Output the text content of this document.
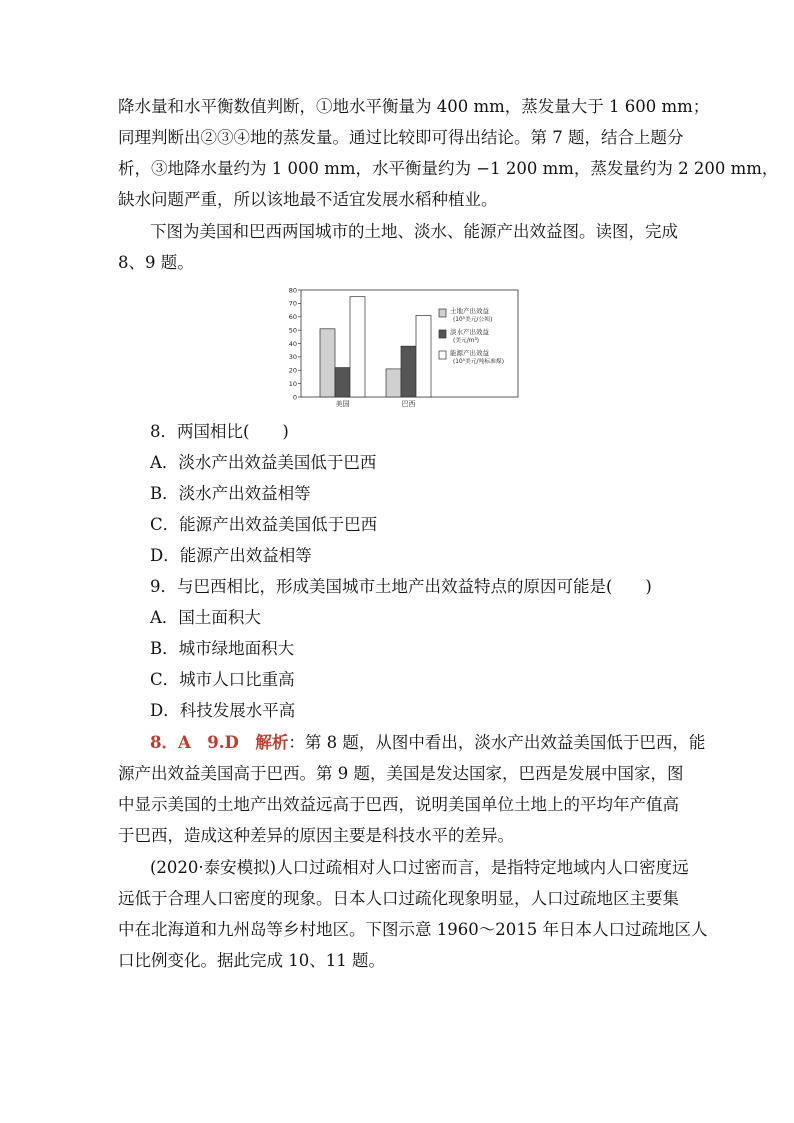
降水量和水平衡数值判断，①地水平衡量为 400 mm，蒸发量大于 1 600 mm；
同理判断出②③④地的蒸发量。通过比较即可得出结论。第 7 题，结合上题分
析，③地降水量约为 1 000 mm，水平衡量约为 −1 200 mm，蒸发量约为 2 200 mm，
缺水问题严重，所以该地最不适宜发展水稻种植业。
下图为美国和巴西两国城市的土地、淡水、能源产出效益图。读图，完成
8、9 题。
0
10
20
30
40
50
60
70
80
美国	巴西
土地产出效益
(10⁵美元/公顷)
淡水产出效益
(美元/m³)
能源产出效益
(10⁵美元/吨标准煤)
8．两国相比(　　)
A．淡水产出效益美国低于巴西
B．淡水产出效益相等
C．能源产出效益美国低于巴西
D．能源产出效益相等
9．与巴西相比，形成美国城市土地产出效益特点的原因可能是(　　)
A．国土面积大
B．城市绿地面积大
C．城市人口比重高
D．科技发展水平高
8．A　9.D　解析：第 8 题，从图中看出，淡水产出效益美国低于巴西，能
源产出效益美国高于巴西。第 9 题，美国是发达国家，巴西是发展中国家，图
中显示美国的土地产出效益远高于巴西，说明美国单位土地上的平均年产值高
于巴西，造成这种差异的原因主要是科技水平的差异。
(2020·泰安模拟)人口过疏相对人口过密而言，是指特定地域内人口密度远
远低于合理人口密度的现象。日本人口过疏化现象明显，人口过疏地区主要集
中在北海道和九州岛等乡村地区。下图示意 1960～2015 年日本人口过疏地区人
口比例变化。据此完成 10、11 题。
